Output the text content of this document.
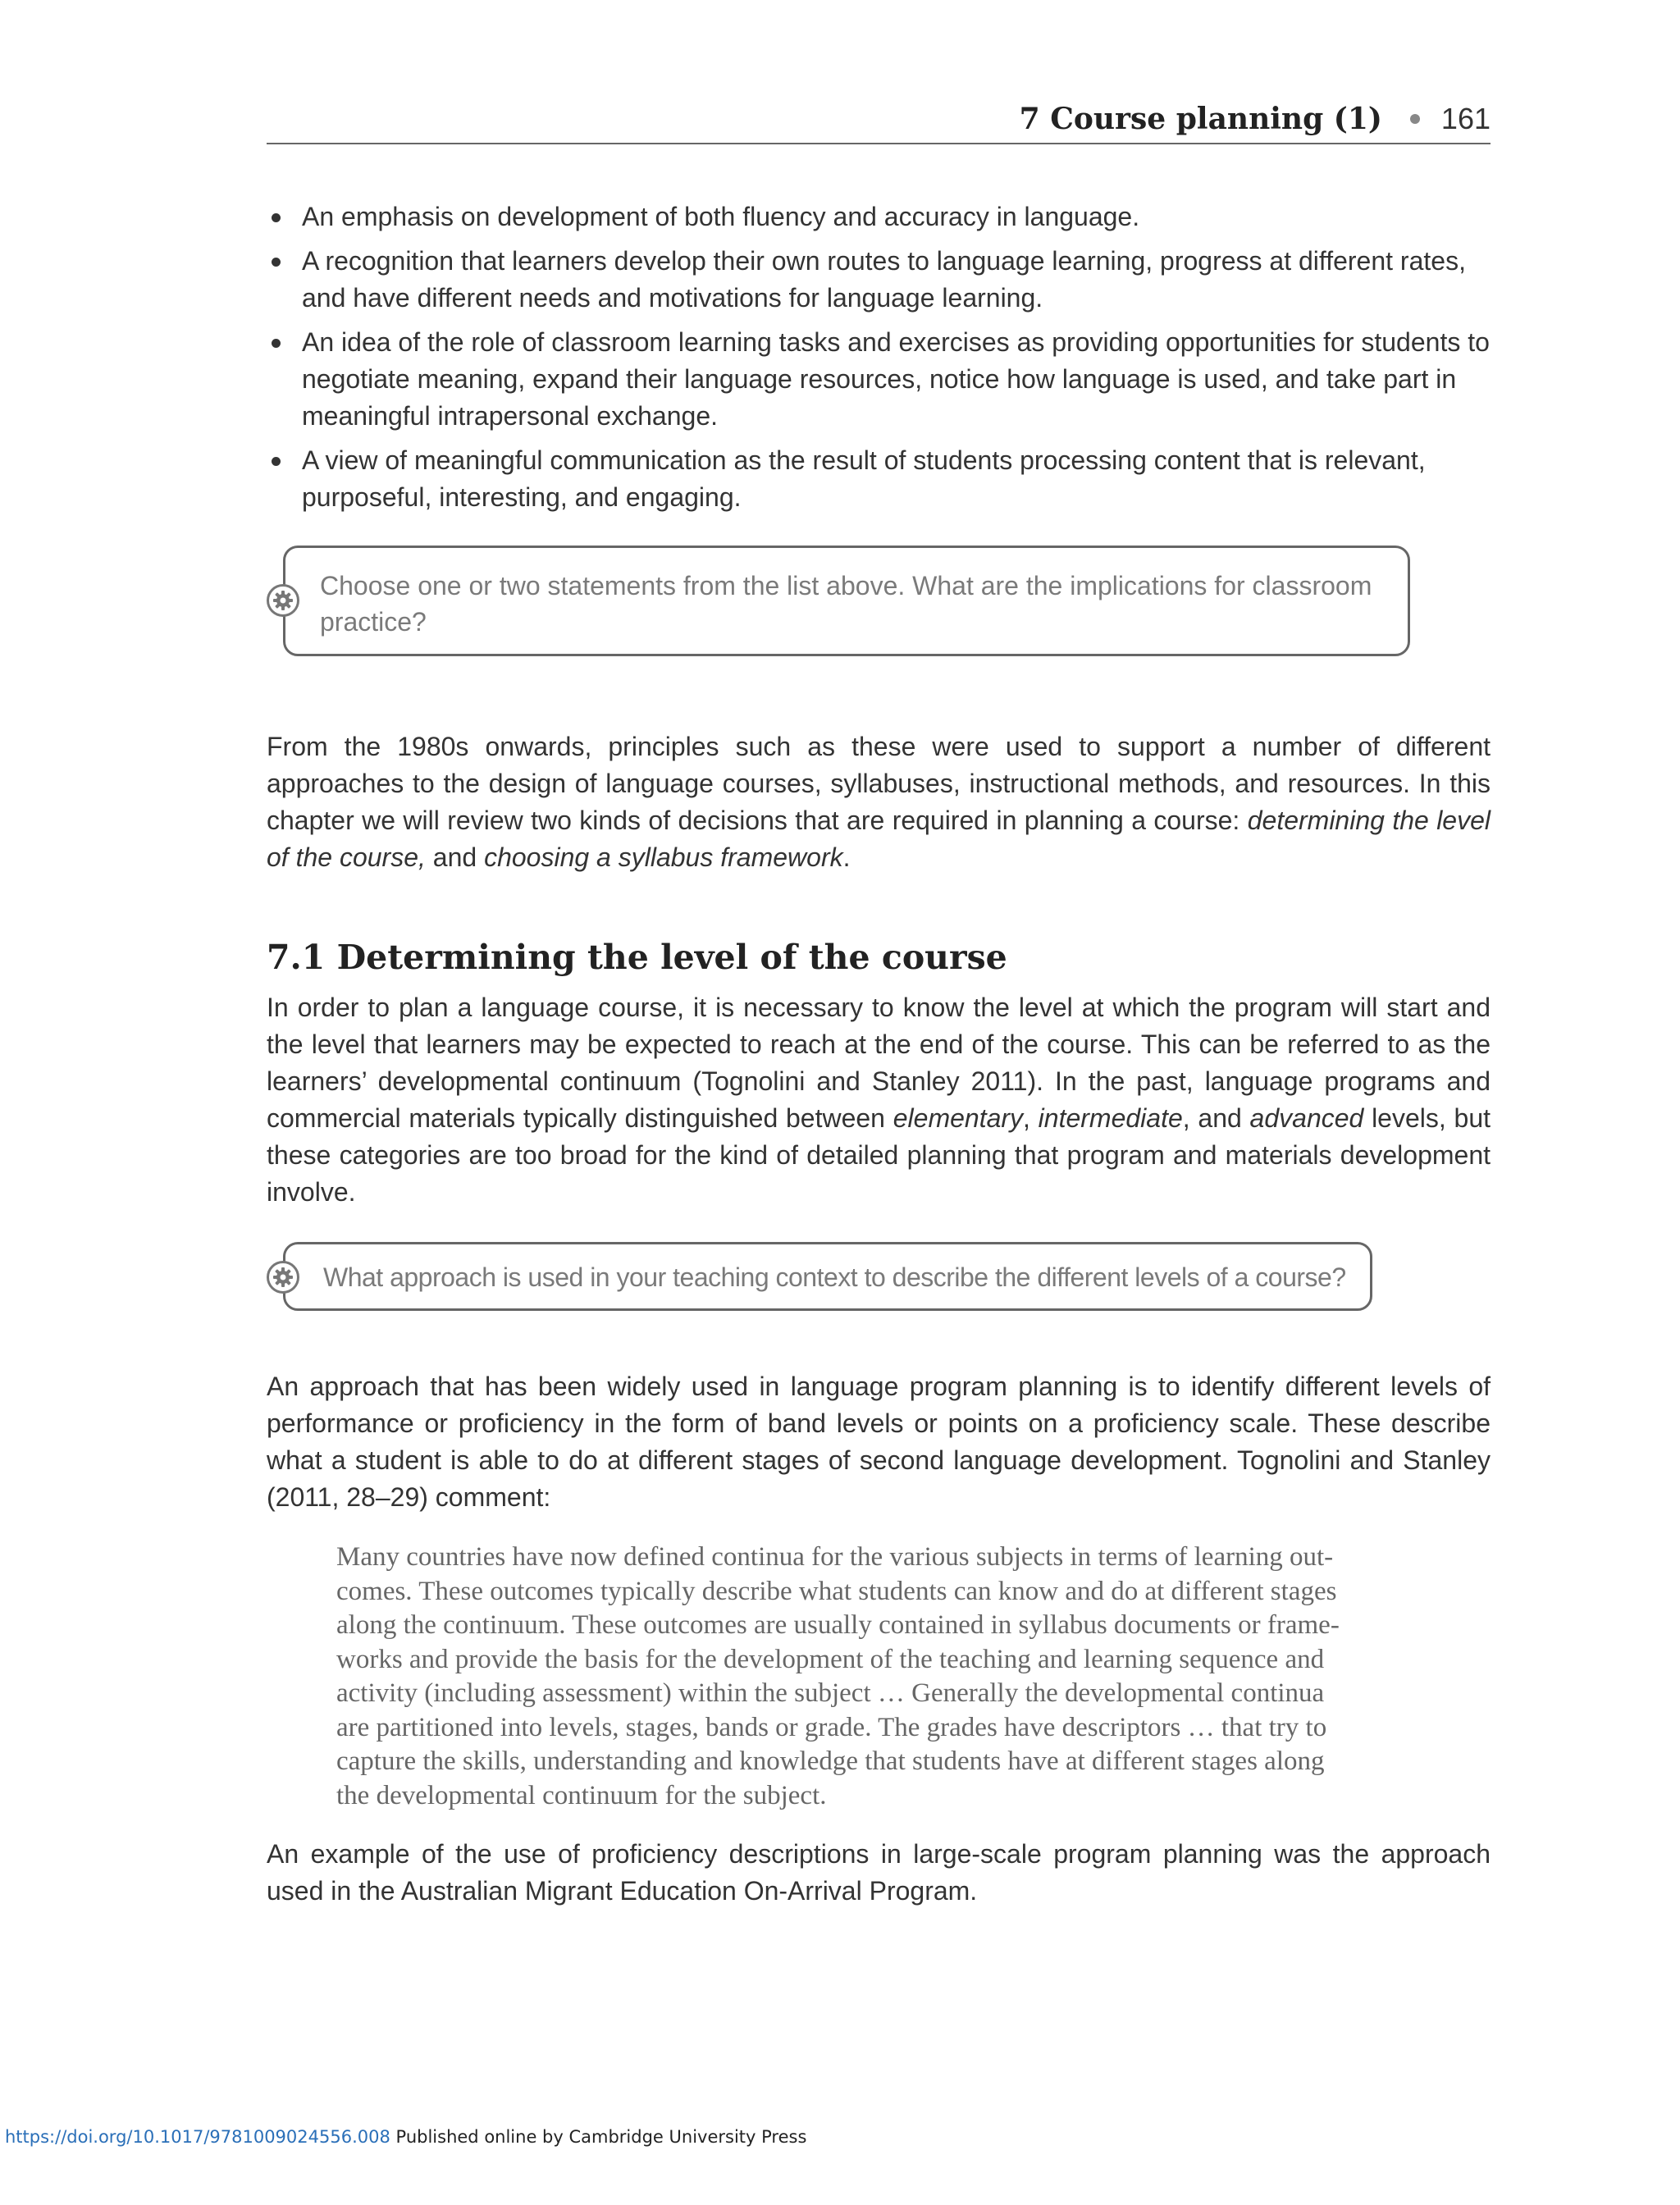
7 Course planning (1) 161
An emphasis on development of both fluency and accuracy in language.
A recognition that learners develop their own routes to language learning, progress at different rates, and have different needs and motivations for language learning.
An idea of the role of classroom learning tasks and exercises as providing opportunities for students to negotiate meaning, expand their language resources, notice how language is used, and take part in meaningful intrapersonal exchange.
A view of meaningful communication as the result of students processing content that is relevant, purposeful, interesting, and engaging.
Choose one or two statements from the list above. What are the implications for classroom practice?

From the 1980s onwards, principles such as these were used to support a number of different approaches to the design of language courses, syllabuses, instructional methods, and resources. In this chapter we will review two kinds of decisions that are required in planning a course: determining the level of the course, and choosing a syllabus framework.

7.1 Determining the level of the course

In order to plan a language course, it is necessary to know the level at which the program will start and the level that learners may be expected to reach at the end of the course. This can be referred to as the learners’ developmental continuum (Tognolini and Stanley 2011). In the past, language programs and commercial materials typically distinguished between elementary, intermediate, and advanced levels, but these categories are too broad for the kind of detailed planning that program and materials development involve.

What approach is used in your teaching context to describe the different levels of a course?

An approach that has been widely used in language program planning is to identify different levels of performance or proficiency in the form of band levels or points on a proficiency scale. These describe what a student is able to do at different stages of second language development. Tognolini and Stanley (2011, 28–29) comment:

Many countries have now defined continua for the various subjects in terms of learning out-
comes. These outcomes typically describe what students can know and do at different stages
along the continuum. These outcomes are usually contained in syllabus documents or frame-
works and provide the basis for the development of the teaching and learning sequence and
activity (including assessment) within the subject … Generally the developmental continua
are partitioned into levels, stages, bands or grade. The grades have descriptors … that try to
capture the skills, understanding and knowledge that students have at different stages along
the developmental continuum for the subject.

An example of the use of proficiency descriptions in large-scale program planning was the approach used in the Australian Migrant Education On-Arrival Program.

https://doi.org/10.1017/9781009024556.008 Published online by Cambridge University Press
